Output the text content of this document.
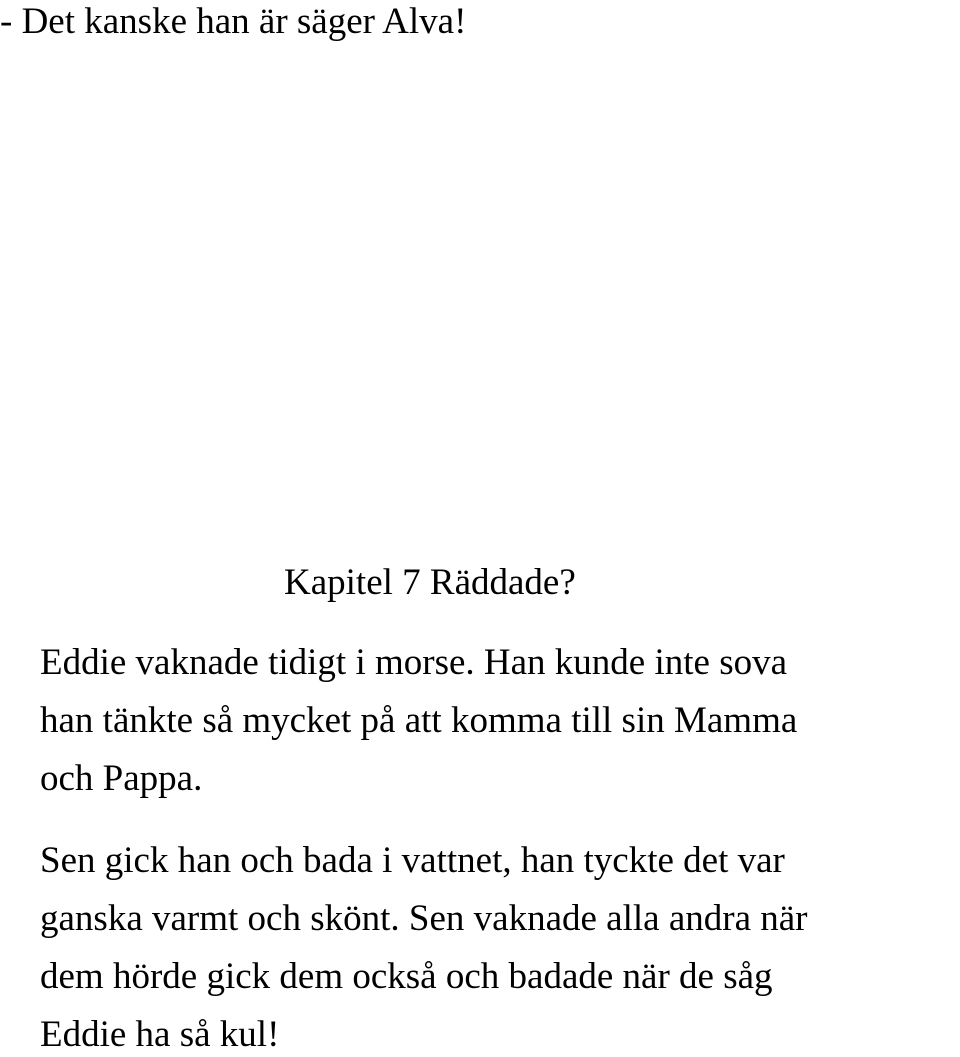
- Det kanske han är säger Alva!

Kapitel 7 Räddade?

Eddie vaknade tidigt i morse. Han kunde inte sova

han tänkte så mycket på att komma till sin Mamma

och Pappa.

Sen gick han och bada i vattnet, han tyckte det var

ganska varmt och skönt. Sen vaknade alla andra när

dem hörde gick dem också och badade när de såg

Eddie ha så kul!
